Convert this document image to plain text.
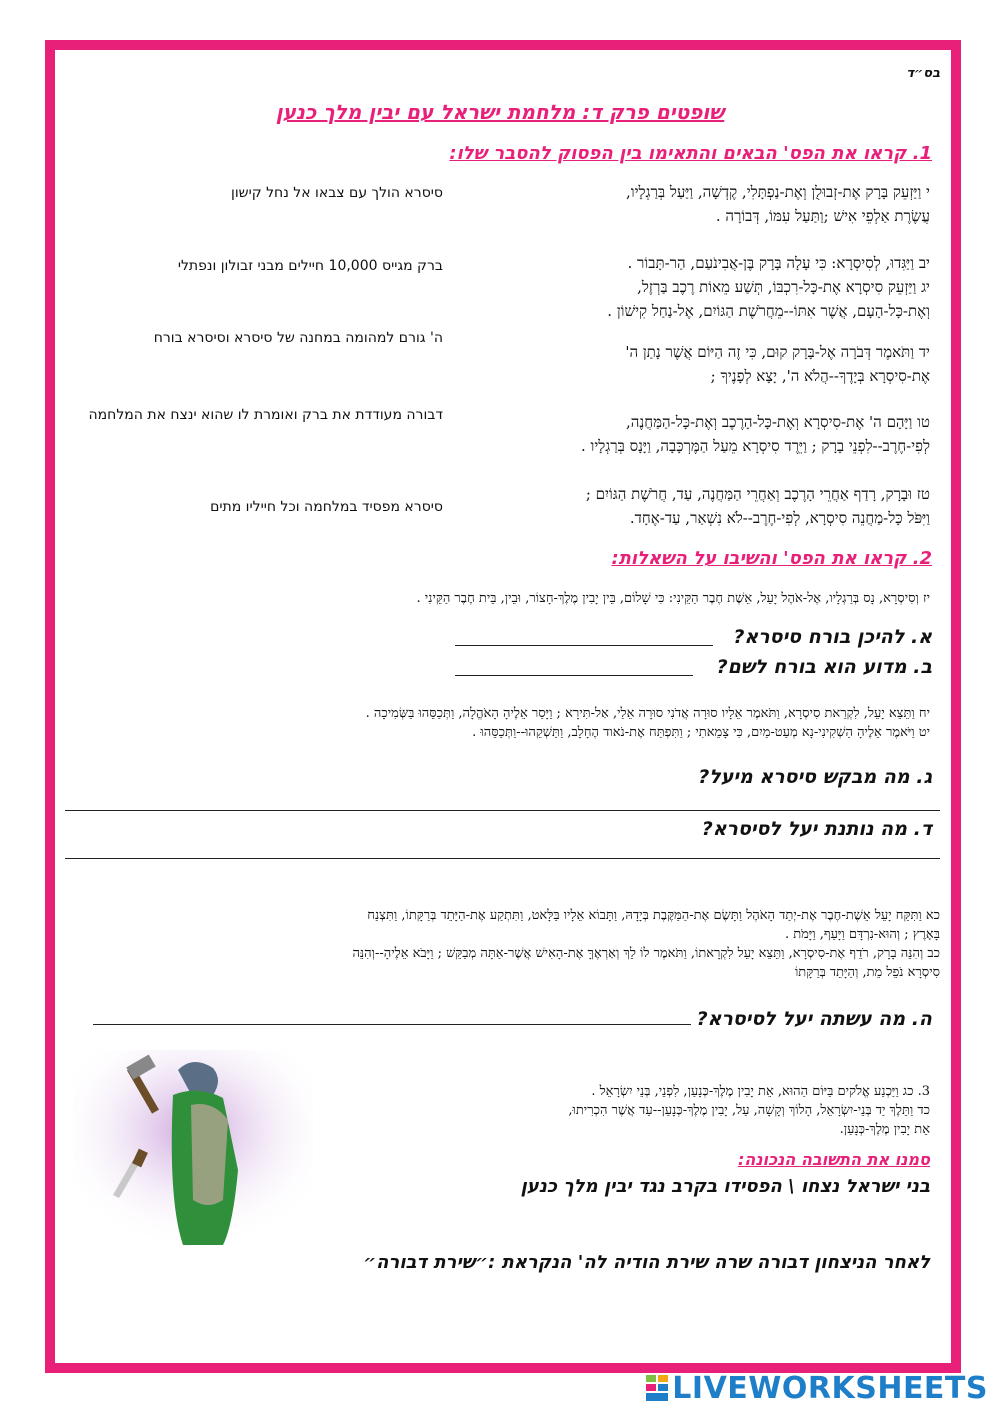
בס״ד
שופטים פרק ד: מלחמת ישראל עם יבין מלך כנען
1. קראו את הפס' הבאים והתאימו בין הפסוק להסבר שלו:
י וַיַּזְעֵק בָּרָק אֶת-זְבוּלֻן וְאֶת-נַפְתָּלִי, קֶדְשָׁה, וַיַּעַל בְּרַגְלָיו,
עֲשֶׂרֶת אַלְפֵי אִישׁ ;וַתַּעַל עִמּוֹ, דְּבוֹרָה .
סיסרא הולך עם צבאו אל נחל קישון
יב וַיַּגִּדוּ, לְסִיסְרָא: כִּי עָלָה בָּרָק בֶּן-אֲבִינֹעַם, הַר-תָּבוֹר .
יג וַיַּזְעֵק סִיסְרָא אֶת-כָּל-רִכְבּוֹ, תְּשַׁע מֵאוֹת רֶכֶב בַּרְזֶל,
וְאֶת-כָּל-הָעָם, אֲשֶׁר אִתּוֹ--מֵחֲרֹשֶׁת הַגּוֹיִם, אֶל-נַחַל קִישׁוֹן .
ברק מגייס 10,000 חיילים מבני זבולון ונפתלי
יד וַתֹּאמֶר דְּבֹרָה אֶל-בָּרָק קוּם, כִּי זֶה הַיּוֹם אֲשֶׁר נָתַן ה'
אֶת-סִיסְרָא בְּיָדֶךָ--הֲלֹא ה', יָצָא לְפָנֶיךָ ;
ה' גורם למהומה במחנה של סיסרא וסיסרא בורח
טו וַיָּהָם ה' אֶת-סִיסְרָא וְאֶת-כָּל-הָרֶכֶב וְאֶת-כָּל-הַמַּחֲנֶה,
לְפִי-חֶרֶב--לִפְנֵי בָרָק ; וַיֵּרֶד סִיסְרָא מֵעַל הַמֶּרְכָּבָה, וַיָּנָס בְּרַגְלָיו .
דבורה מעודדת את ברק ואומרת לו שהוא ינצח את המלחמה
טז וּבָרָק, רָדַף אַחֲרֵי הָרֶכֶב וְאַחֲרֵי הַמַּחֲנֶה, עַד, חֲרֹשֶׁת הַגּוֹיִם ;
וַיִּפֹּל כָּל-מַחֲנֵה סִיסְרָא, לְפִי-חֶרֶב--לֹא נִשְׁאַר, עַד-אֶחָד.
סיסרא מפסיד במלחמה וכל חייליו מתים
2. קראו את הפס' והשיבו על השאלות:
יז וְסִיסְרָא, נָס בְּרַגְלָיו, אֶל-אֹהֶל יָעֵל, אֵשֶׁת חֶבֶר הַקֵּינִי: כִּי שָׁלוֹם, בֵּין יָבִין מֶלֶךְ-חָצוֹר, וּבֵין, בֵּית חֶבֶר הַקֵּינִי .
א. להיכן בורח סיסרא?
ב. מדוע הוא בורח לשם?
יח וַתֵּצֵא יָעֵל, לִקְרַאת סִיסְרָא, וַתֹּאמֶר אֵלָיו סוּרָה אֲדֹנִי סוּרָה אֵלַי, אַל-תִּירָא ; וַיָּסַר אֵלֶיהָ הָאֹהֱלָה, וַתְּכַסֵּהוּ בַּשְּׂמִיכָה .
יט וַיֹּאמֶר אֵלֶיהָ הַשְׁקִינִי-נָא מְעַט-מַיִם, כִּי צָמֵאתִי ; וַתִּפְתַּח אֶת-נֹאוד הֶחָלָב, וַתַּשְׁקֵהוּ--וַתְּכַסֵּהוּ .
ג. מה מבקש סיסרא מיעל?
ד. מה נותנת יעל לסיסרא?
כא וַתִּקַּח יָעֵל אֵשֶׁת-חֶבֶר אֶת-יְתַד הָאֹהֶל וַתָּשֶׂם אֶת-הַמַּקֶּבֶת בְּיָדָהּ, וַתָּבוֹא אֵלָיו בַּלָּאט, וַתִּתְקַע אֶת-הַיָּתֵד בְּרַקָּתוֹ, וַתִּצְנַח
בָּאָרֶץ ; וְהוּא-נִרְדָּם וַיָּעַף, וַיָּמֹת .
כב וְהִנֵּה בָרָק, רֹדֵף אֶת-סִיסְרָא, וַתֵּצֵא יָעֵל לִקְרָאתוֹ, וַתֹּאמֶר לוֹ לֵךְ וְאַרְאֶךָּ אֶת-הָאִישׁ אֲשֶׁר-אַתָּה מְבַקֵּשׁ ; וַיָּבֹא אֵלֶיהָ--וְהִנֵּה
סִיסְרָא נֹפֵל מֵת, וְהַיָּתֵד בְּרַקָּתוֹ
ה. מה עשתה יעל לסיסרא?
3. כג וַיַּכְנַע אֱלֹקים בַּיּוֹם הַהוּא, אֵת יָבִין מֶלֶךְ-כְּנָעַן, לִפְנֵי, בְּנֵי יִשְׂרָאֵל .
כד וַתֵּלֶךְ יַד בְּנֵי-יִשְׂרָאֵל, הָלוֹךְ וְקָשָׁה, עַל, יָבִין מֶלֶךְ-כְּנָעַן--עַד אֲשֶׁר הִכְרִיתוּ,
אֵת יָבִין מֶלֶךְ-כְּנָעַן.
סמנו את התשובה הנכונה:
בני ישראל נצחו \ הפסידו בקרב נגד יבין מלך כנען
לאחר הניצחון דבורה שרה שירת הודיה לה' הנקראת :״שירת דבורה״
LIVEWORKSHEETS
